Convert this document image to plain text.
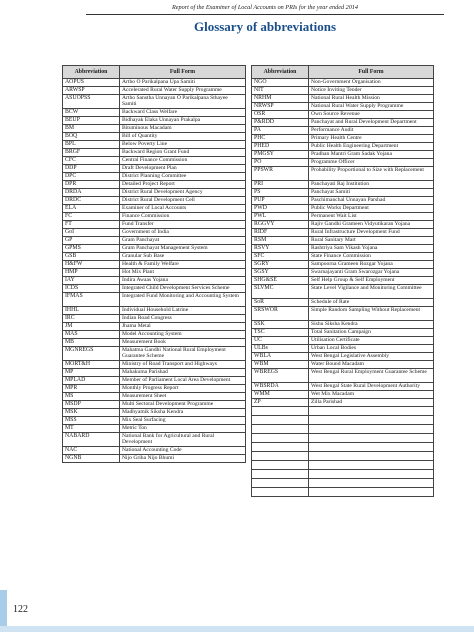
Report of the Examiner of Local Accounts on PRIs for the year ended 2014
Glossary of abbreviations
Abbreviation	Full Form
AOPUS	Artho O Parikalpana Upa Samiti
ARWSP	Accelerated Rural Water Supply Programme
ASUOPSS	Artho Sanstha Unnayan O Parikalpana Sthayee Samiti
BCW	Backward Class Welfare
BEUP	Bidhayak Elaka Unnayan Prakalpa
BM	Bituminous Macadam
BOQ	Bill of Quantity
BPL	Below Poverty Line
BRGF	Backward Region Grant Fund
CFC	Central Finance Commission
DDP	Draft Development Plan
DPC	District Planning Committee
DPR	Detailed Project Report
DRDA	District Rural Development Agency
DRDC	District Rural Development Cell
ELA	Examiner of Local Accounts
FC	Finance Commission
FT	Fund Transfer
GoI	Government of India
GP	Gram Panchayat
GPMS	Gram Panchayat Management System
GSB	Granular Sub Base
H&FW	Health & Family Welfare
HMP	Hot Mix Plant
IAY	Indira Awaas Yojana
ICDS	Integrated Child Development Services Scheme
IFMAS	Integrated Fund Monitoring and Accounting System
IHHL	Individual Household Latrine
IRC	Indian Road Congress
JM	Jhama Metal
MAS	Model Accounting System
MB	Measurement Book
MGNREGS	Mahatma Gandhi National Rural Employment Guarantee Scheme
MORT&H	Ministry of Road Transport and Highways
MP	Mahakuma Parishad
MPLAD	Member of Parliament Local Area Development
MPR	Monthly Progress Report
MS	Measurement Sheet
MSDP	Multi Sectoral Development Programme
MSK	Madhyamik Siksha Kendra
MSS	Mix Seal Surfacing
MT	Metric Ton
NABARD	National Bank for Agricultural and Rural Development
NAC	National Accounting Code
NGNB	Nijo Griha Nijo Bhumi
Abbreviation	Full Form
NGO	Non-Government Organisation
NIT	Notice Inviting Tender
NRHM	National Rural Health Mission
NRWSP	National Rural Water Supply Programme
OSR	Own Source Revenue
P&RDD	Panchayat and Rural Development Department
PA	Performance Audit
PHC	Primary Health Centre
PHED	Public Health Engineering Department
PMGSY	Pradhan Mantri Gram Sadak Yojana
PO	Programme Officer
PPSWR	Probability Proportional to Size with Replacement
PRI	Panchayati Raj Institution
PS	Panchayat Samiti
PUP	Paschimanchal Unnayan Parshad
PWD	Public Works Department
PWL	Permanent Wait List
RGGVY	Rajiv Gandhi Grameen Vidyutikaran Yojana
RIDF	Rural Infrastructure Development Fund
RSM	Rural Sanitary Mart
RSVY	Rashtriya Sam Vikash Yojana
SFC	State Finance Commission
SGRY	Sampoorna Grameen Rozgar Yojana
SGSY	Swarnajayanti Gram Swarozgar Yojana
SHG&SE	Self Help Group & Self Employment
SLVMC	State Level Vigilance and Monitoring Committee
SoR	Schedule of Rate
SRSWOR	Simple Random Sampling Without Replacement
SSK	Sishu Siksha Kendra
TSC	Total Sanitation Campaign
UC	Utilisation Certificate
ULBs	Urban Local Bodies
WBLA	West Bengal Legislative Assembly
WBM	Water Bound Macadam
WBREGS	West Bengal Rural Employment Guarantee Scheme
WBSRDA	West Bengal State Rural Development Authority
WMM	Wet Mix Macadam
ZP	Zilla Parishad

122
